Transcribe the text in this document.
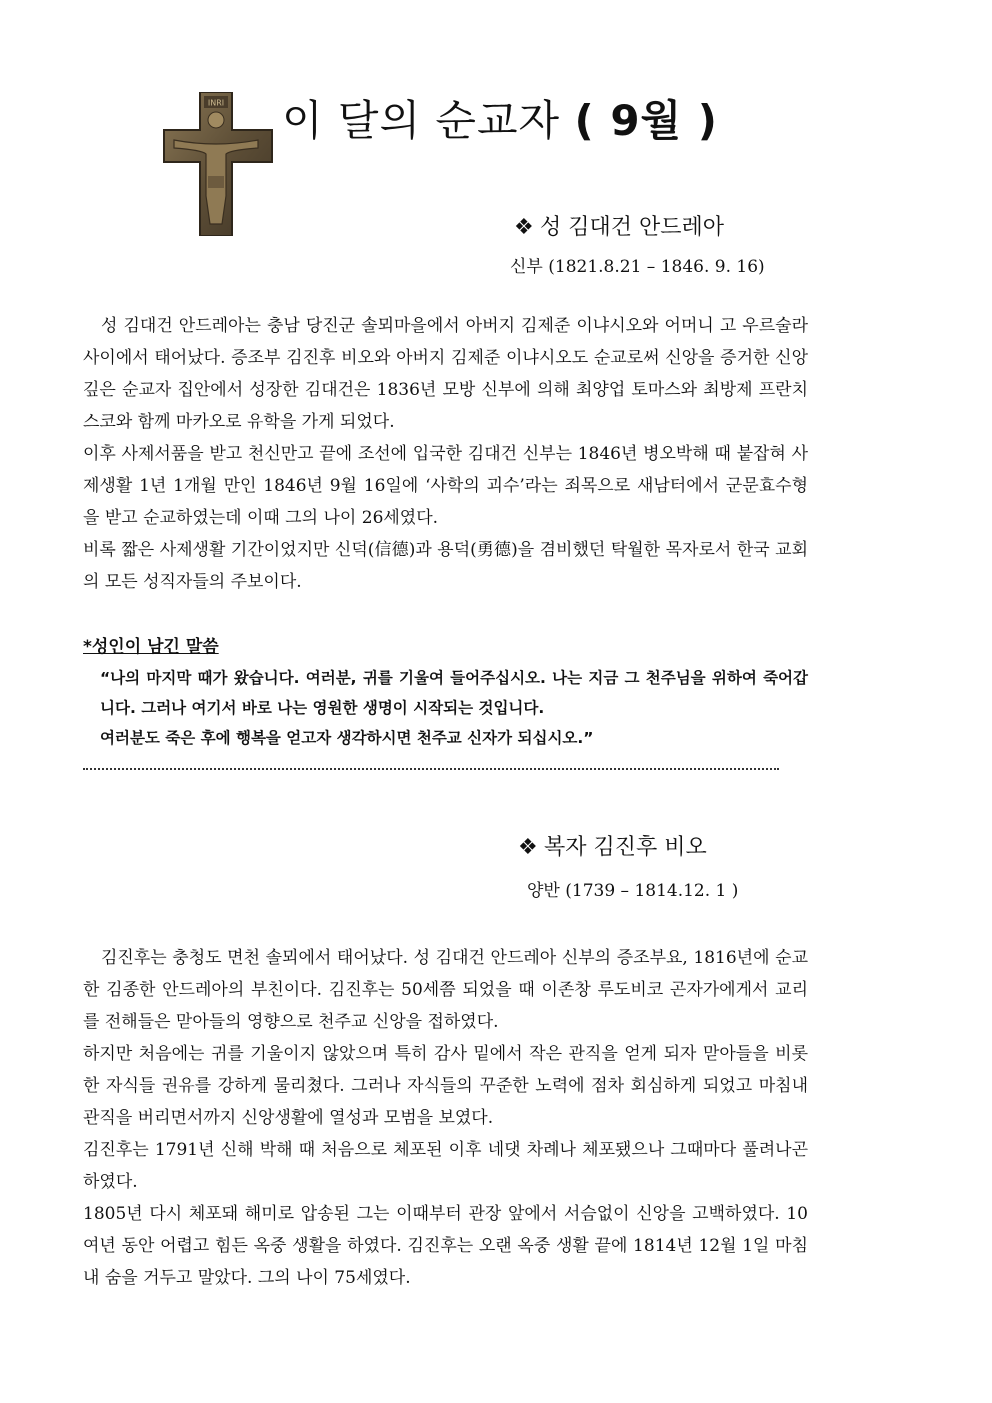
INRI 이 달의 순교자 ( 9월 )
❖ 성 김대건 안드레아
신부 (1821.8.21 – 1846. 9. 16)

성 김대건 안드레아는 충남 당진군 솔뫼마을에서 아버지 김제준 이냐시오와 어머니 고 우르술라 사이에서 태어났다. 증조부 김진후 비오와 아버지 김제준 이냐시오도 순교로써 신앙을 증거한 신앙 깊은 순교자 집안에서 성장한 김대건은 1836년 모방 신부에 의해 최양업 토마스와 최방제 프란치스코와 함께 마카오로 유학을 가게 되었다.

이후 사제서품을 받고 천신만고 끝에 조선에 입국한 김대건 신부는 1846년 병오박해 때 붙잡혀 사제생활 1년 1개월 만인 1846년 9월 16일에 ‘사학의 괴수’라는 죄목으로 새남터에서 군문효수형을 받고 순교하였는데 이때 그의 나이 26세였다.

비록 짧은 사제생활 기간이었지만 신덕(信德)과 용덕(勇德)을 겸비했던 탁월한 목자로서 한국 교회의 모든 성직자들의 주보이다.

*성인이 남긴 말씀

“나의 마지막 때가 왔습니다. 여러분, 귀를 기울여 들어주십시오. 나는 지금 그 천주님을 위하여 죽어갑니다. 그러나 여기서 바로 나는 영원한 생명이 시작되는 것입니다.

여러분도 죽은 후에 행복을 얻고자 생각하시면 천주교 신자가 되십시오.”

❖ 복자 김진후 비오
양반 (1739 – 1814.12. 1 )

김진후는 충청도 면천 솔뫼에서 태어났다. 성 김대건 안드레아 신부의 증조부요, 1816년에 순교한 김종한 안드레아의 부친이다. 김진후는 50세쯤 되었을 때 이존창 루도비코 곤자가에게서 교리를 전해들은 맏아들의 영향으로 천주교 신앙을 접하였다.

하지만 처음에는 귀를 기울이지 않았으며 특히 감사 밑에서 작은 관직을 얻게 되자 맏아들을 비롯한 자식들 권유를 강하게 물리쳤다. 그러나 자식들의 꾸준한 노력에 점차 회심하게 되었고 마침내 관직을 버리면서까지 신앙생활에 열성과 모범을 보였다.

김진후는 1791년 신해 박해 때 처음으로 체포된 이후 네댓 차례나 체포됐으나 그때마다 풀려나곤 하였다.

1805년 다시 체포돼 해미로 압송된 그는 이때부터 관장 앞에서 서슴없이 신앙을 고백하였다. 10여년 동안 어렵고 힘든 옥중 생활을 하였다. 김진후는 오랜 옥중 생활 끝에 1814년 12월 1일 마침내 숨을 거두고 말았다. 그의 나이 75세였다.
